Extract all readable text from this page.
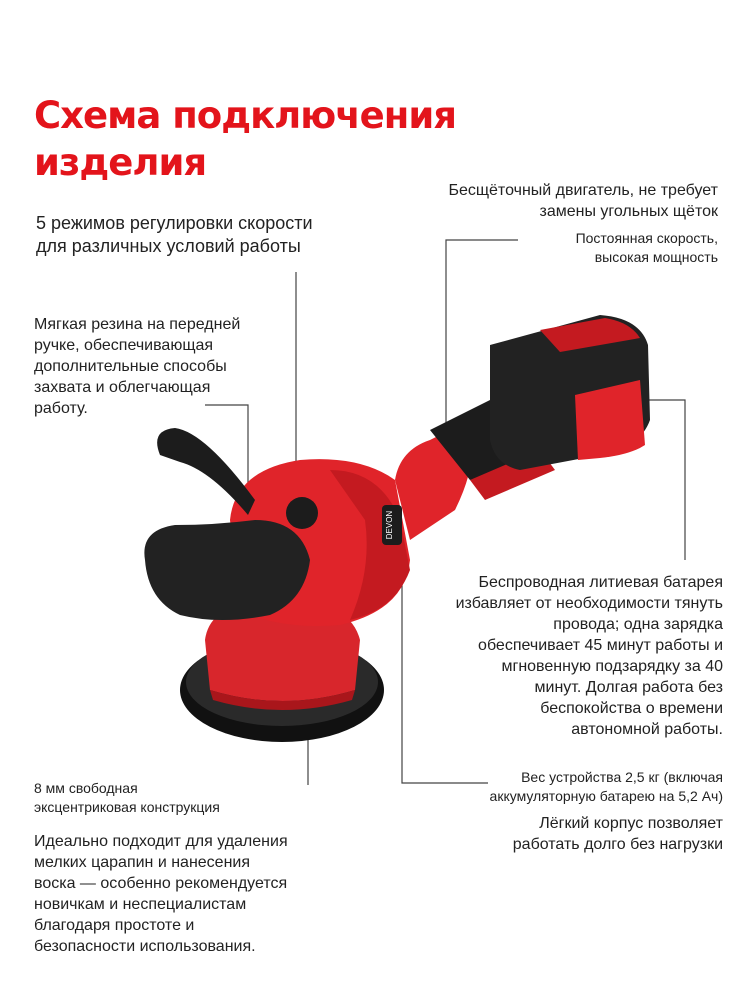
DEVON
Схема подключения
изделия
5 режимов регулировки скорости
для различных условий работы
Мягкая резина на передней
ручке, обеспечивающая
дополнительные способы
захвата и облегчающая
работу.
8 мм свободная
эксцентриковая конструкция
Идеально подходит для удаления
мелких царапин и нанесения
воска — особенно рекомендуется
новичкам и неспециалистам
благодаря простоте и
безопасности использования.
Бесщёточный двигатель, не требует
замены угольных щёток
Постоянная скорость,
высокая мощность
Беспроводная литиевая батарея
избавляет от необходимости тянуть
провода; одна зарядка
обеспечивает 45 минут работы и
мгновенную подзарядку за 40
минут. Долгая работа без
беспокойства о времени
автономной работы.
Вес устройства 2,5 кг (включая
аккумуляторную батарею на 5,2 Ач)
Лёгкий корпус позволяет
работать долго без нагрузки
